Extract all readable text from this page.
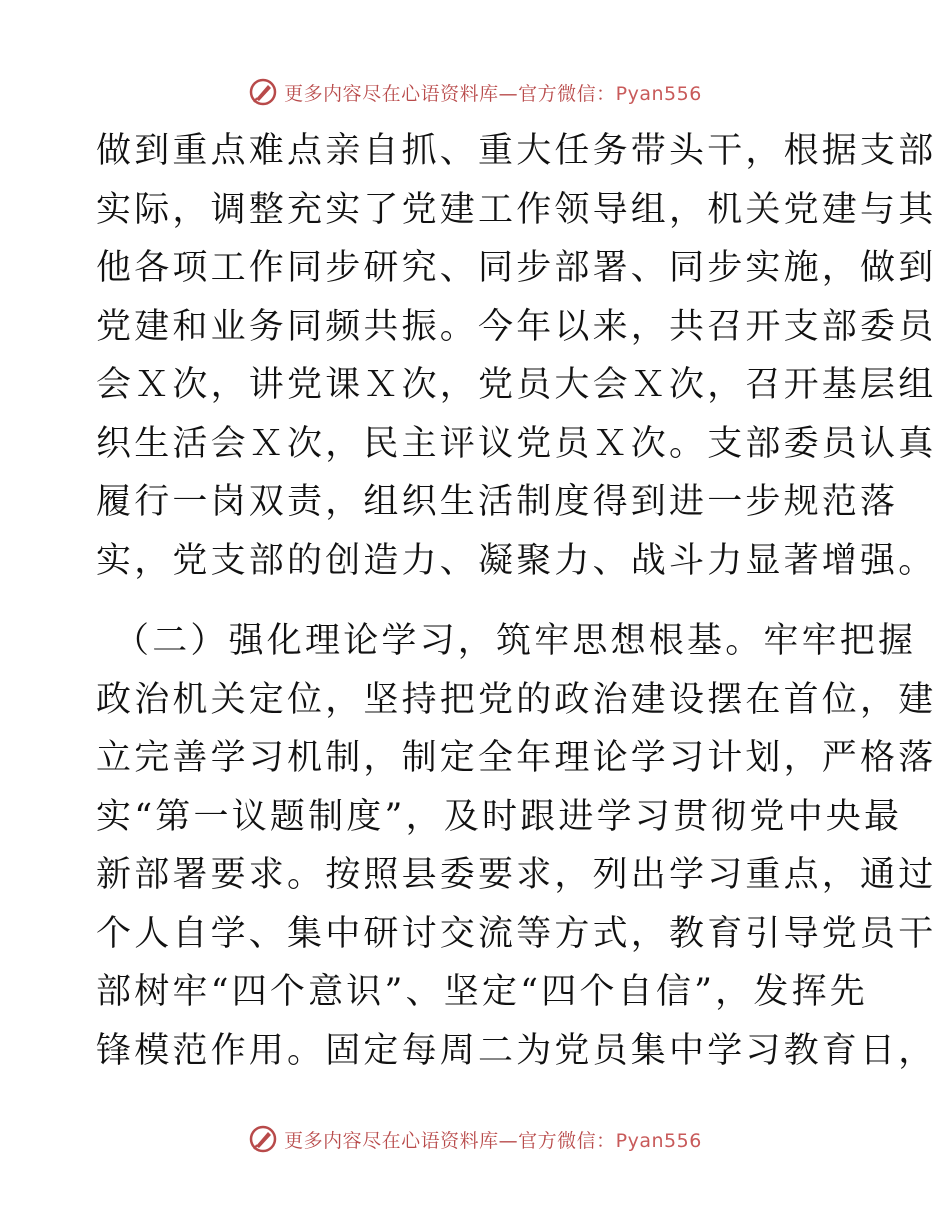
更多内容尽在心语资料库—官方微信：Pyan556
做到重点难点亲自抓、重大任务带头干，根据支部
实际，调整充实了党建工作领导组，机关党建与其
他各项工作同步研究、同步部署、同步实施，做到
党建和业务同频共振。今年以来，共召开支部委员
会Ｘ次，讲党课Ｘ次，党员大会Ｘ次，召开基层组
织生活会Ｘ次，民主评议党员Ｘ次。支部委员认真
履行一岗双责，组织生活制度得到进一步规范落
实，党支部的创造力、凝聚力、战斗力显著增强。
（二）强化理论学习，筑牢思想根基。牢牢把握
政治机关定位，坚持把党的政治建设摆在首位，建
立完善学习机制，制定全年理论学习计划，严格落
实“第一议题制度”，及时跟进学习贯彻党中央最
新部署要求。按照县委要求，列出学习重点，通过
个人自学、集中研讨交流等方式，教育引导党员干
部树牢“四个意识”、坚定“四个自信”，发挥先
锋模范作用。固定每周二为党员集中学习教育日，
更多内容尽在心语资料库—官方微信：Pyan556
